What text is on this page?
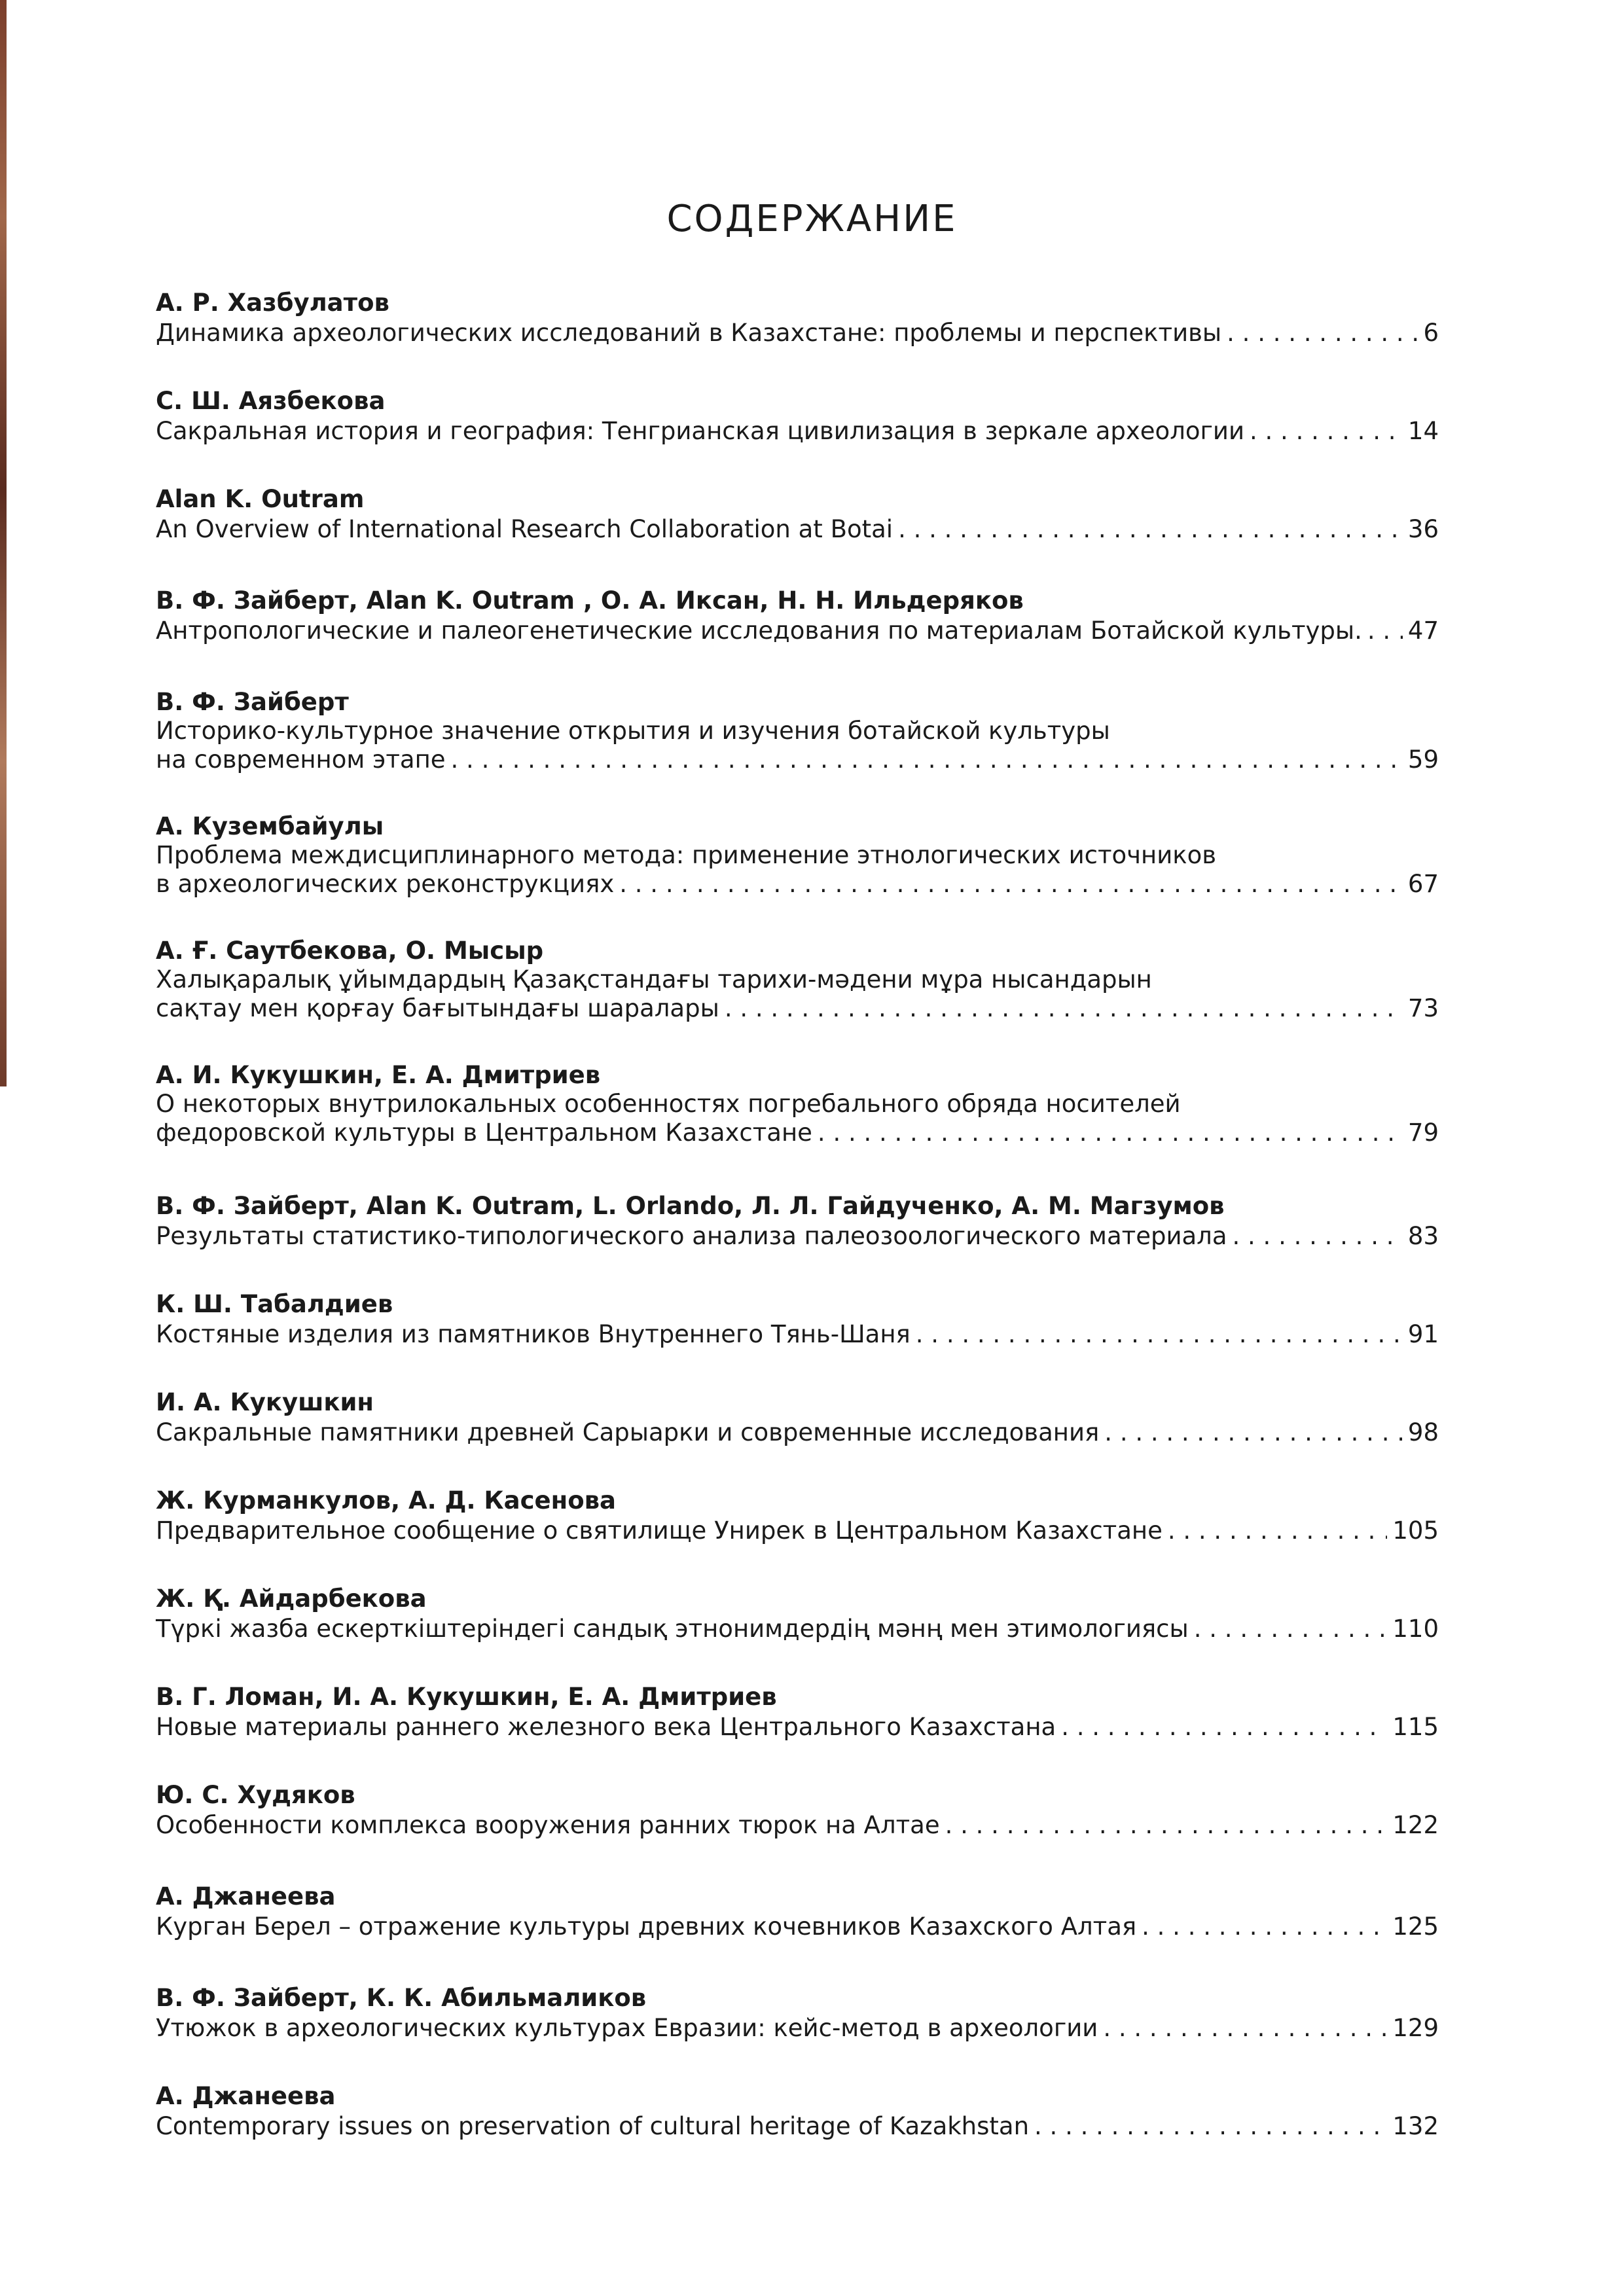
СОДЕРЖАНИЕ
А. Р. Хазбулатов
Динамика археологических исследований в Казахстане: проблемы и перспективы . . .	6
С. Ш. Аязбекова
Сакральная история и география: Тенгрианская цивилизация в зеркале археологии . . .	14
Alan K. Outram
An Overview of International Research Collaboration at Botai . . .	36
В. Ф. Зайберт, Alan K. Outram , О. А. Иксан, Н. Н. Ильдеряков
Антропологические и палеогенетические исследования по материалам Ботайской культуры. . . . 47
В. Ф. Зайберт
Историко-культурное значение открытия и изучения ботайской культуры
на современном этапе . . .	59
А. Кузембайулы
Проблема междисциплинарного метода: применение этнологических источников
в археологических реконструкциях . . .	67
А. Ғ. Саутбекова, О. Мысыр
Халықаралық ұйымдардың Қазақстандағы тарихи-мәдени мұра нысандарын
сақтау мен қорғау бағытындағы шаралары . . .	73
А. И. Кукушкин, Е. А. Дмитриев
О некоторых внутрилокальных особенностях погребального обряда носителей
федоровской культуры в Центральном Казахстане . . .	79
В. Ф. Зайберт, Alan K. Outram, L. Orlando, Л. Л. Гайдученко, А. М. Магзумов
Результаты статистико-типологического анализа палеозоологического материала . . .	83
К. Ш. Табалдиев
Костяные изделия из памятников Внутреннего Тянь-Шаня . . .	91
И. А. Кукушкин
Сакральные памятники древней Сарыарки и современные исследования . . .	98
Ж. Курманкулов, А. Д. Касенова
Предварительное сообщение о святилище Унирек в Центральном Казахстане . . .	105
Ж. Қ. Айдарбекова
Түркі жазба ескерткіштеріндегі сандық этнонимдердің мәнң мен этимологиясы . . .	110
В. Г. Ломан, И. А. Кукушкин, Е. А. Дмитриев
Новые материалы раннего железного века Центрального Казахстана . . .	115
Ю. С. Худяков
Особенности комплекса вооружения ранних тюрок на Алтае . . .	122
А. Джанеева
Курган Берел – отражение культуры древних кочевников Казахского Алтая . . .	125
В. Ф. Зайберт, К. К. Абильмаликов
Утюжок в археологических культурах Евразии: кейс-метод в археологии . . .	129
А. Джанеева
Contemporary issues on preservation of cultural heritage of Kazakhstan . . .	132
